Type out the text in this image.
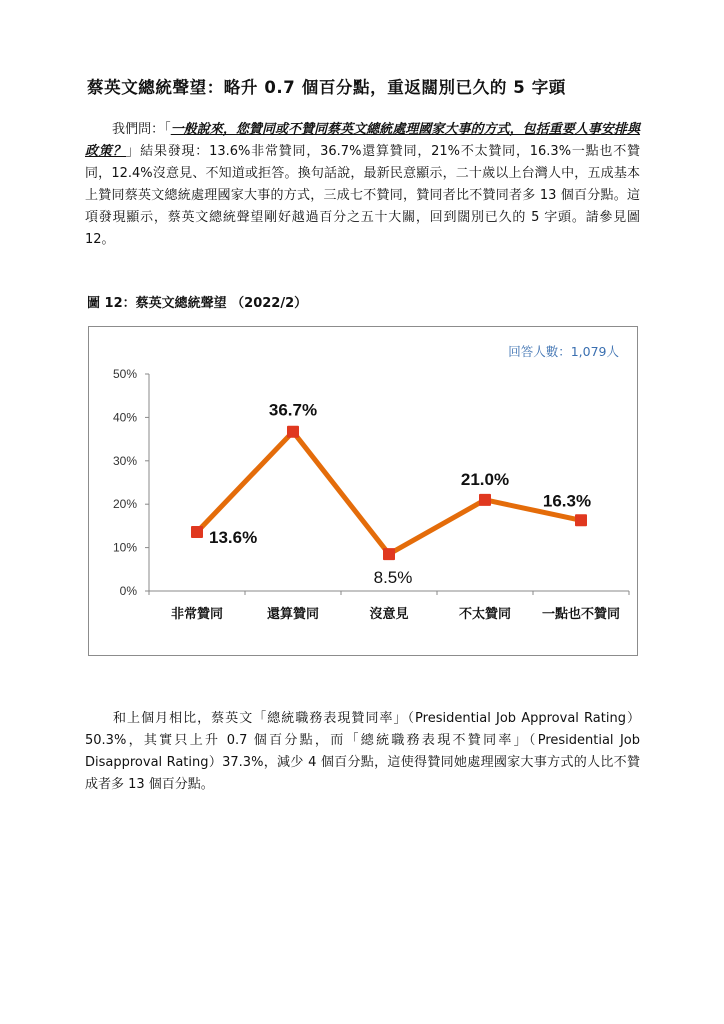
蔡英文總統聲望：略升 0.7 個百分點，重返闊別已久的 5 字頭
我們問：「一般說來，您贊同或不贊同蔡英文總統處理國家大事的方式，包括重要人事安排與政策？」結果發現：13.6%非常贊同，36.7%還算贊同，21%不太贊同，16.3%一點也不贊同，12.4%沒意見、不知道或拒答。換句話說，最新民意顯示，二十歲以上台灣人中，五成基本上贊同蔡英文總統處理國家大事的方式，三成七不贊同，贊同者比不贊同者多 13 個百分點。這項發現顯示，蔡英文總統聲望剛好越過百分之五十大關，回到闊別已久的 5 字頭。請參見圖 12。
圖 12：蔡英文總統聲望 （2022/2）
0%
10%
20%
30%
40%
50%
非常贊同	還算贊同	沒意見	不太贊同 一點也不贊同
13.6%
36.7%
8.5%
21.0%
16.3%
回答人數：1,079人
和上個月相比，蔡英文「總統職務表現贊同率」（Presidential Job Approval Rating）50.3%，其實只上升 0.7 個百分點，而「總統職務表現不贊同率」（Presidential Job Disapproval Rating）37.3%，減少 4 個百分點，這使得贊同她處理國家大事方式的人比不贊成者多 13 個百分點。
